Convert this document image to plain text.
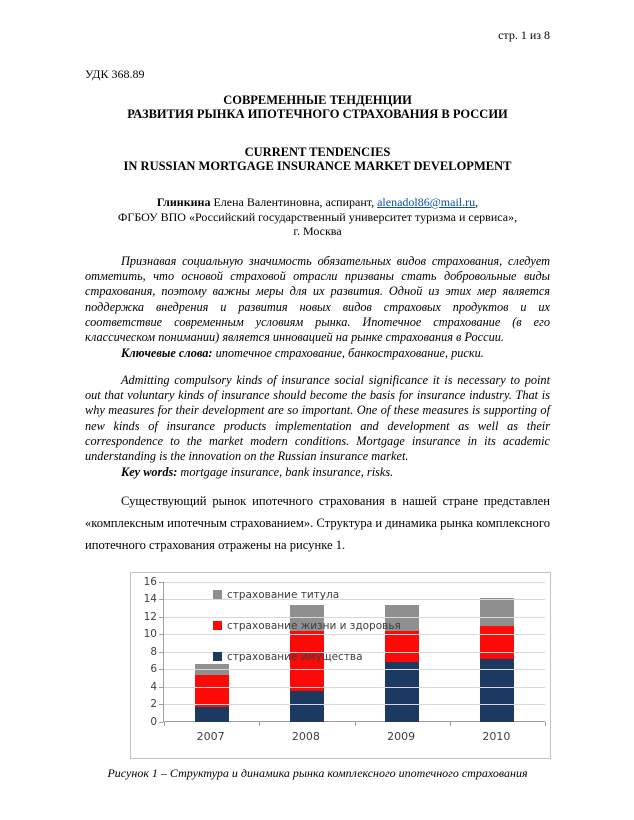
стр. 1 из 8
УДК 368.89
СОВРЕМЕННЫЕ ТЕНДЕНЦИИ
РАЗВИТИЯ РЫНКА ИПОТЕЧНОГО СТРАХОВАНИЯ В РОССИИ
CURRENT TENDENCIES
IN RUSSIAN MORTGAGE INSURANCE MARKET DEVELOPMENT
Глинкина Елена Валентиновна, аспирант, alenadol86@mail.ru,
ФГБОУ ВПО «Российский государственный университет туризма и сервиса»,
г. Москва

Признавая социальную значимость обязательных видов страхования, следует отметить, что основой страховой отрасли призваны стать добровольные виды страхования, поэтому важны меры для их развития. Одной из этих мер является поддержка внедрения и развития новых видов страховых продуктов и их соответствие современным условиям рынка. Ипотечное страхование (в его классическом понимании) является инновацией на рынке страхования в России.

Ключевые слова: ипотечное страхование, банкострахование, риски.

Admitting compulsory kinds of insurance social significance it is necessary to point out that voluntary kinds of insurance should become the basis for insurance industry. That is why measures for their development are so important. One of these measures is supporting of new kinds of insurance products implementation and development as well as their correspondence to the market modern conditions. Mortgage insurance in its academic understanding is the innovation on the Russian insurance market.

Key words: mortgage insurance, bank insurance, risks.

Существующий рынок ипотечного страхования в нашей стране представлен «комплексным ипотечным страхованием». Структура и динамика рынка комплексного ипотечного страхования отражены на рисунке 1.

16
14
12
10
8
6
4
2
0
2007	2008	2009	2010
страхование титула
страхование жизни и здоровья
страхование имущества
Рисунок 1 – Структура и динамика рынка комплексного ипотечного страхования
